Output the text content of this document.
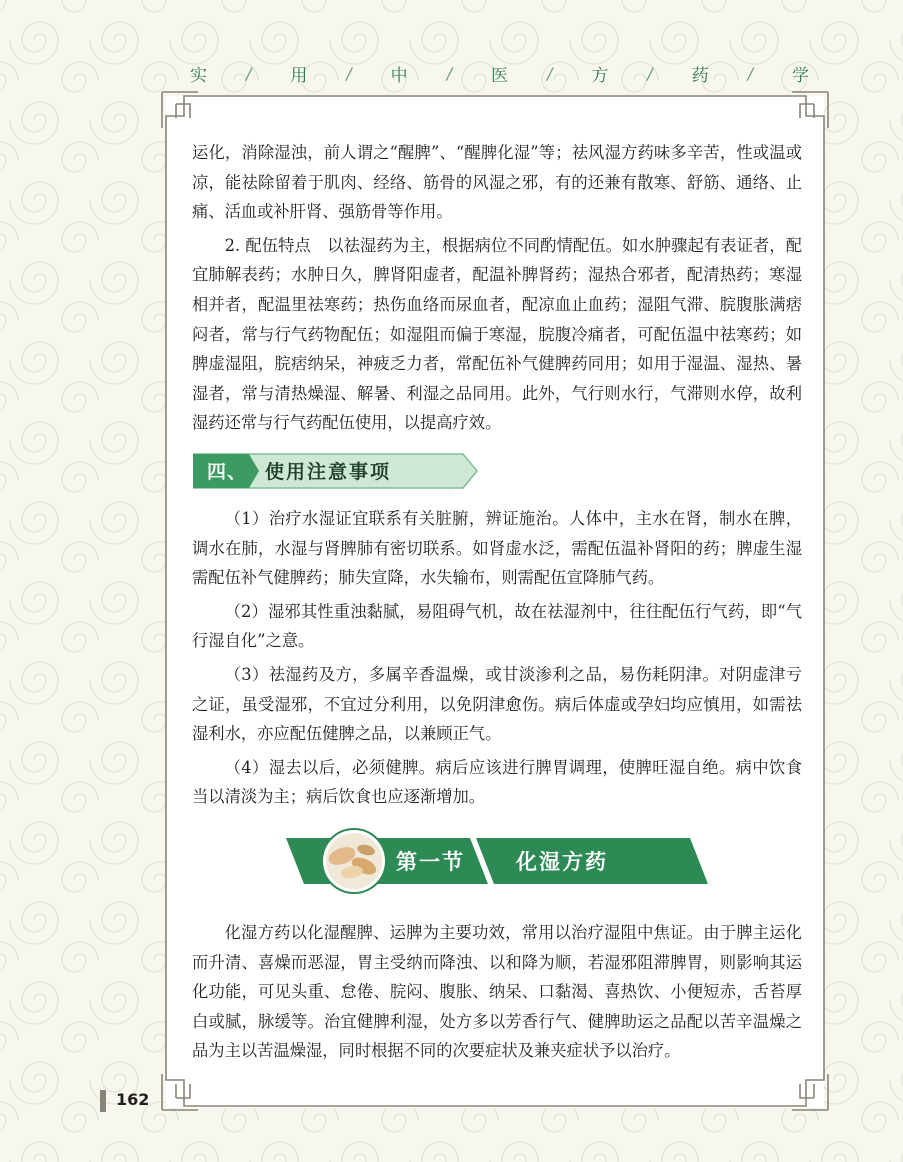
实 / 用 / 中 / 医 / 方 / 药 / 学

运化，消除湿浊，前人谓之“醒脾”、“醒脾化湿”等；祛风湿方药味多辛苦，性或温或凉，能祛除留着于肌肉、经络、筋骨的风湿之邪，有的还兼有散寒、舒筋、通络、止痛、活血或补肝肾、强筋骨等作用。

2. 配伍特点　以祛湿药为主，根据病位不同酌情配伍。如水肿骤起有表证者，配宜肺解表药；水肿日久，脾肾阳虚者，配温补脾肾药；湿热合邪者，配清热药；寒湿相并者，配温里祛寒药；热伤血络而尿血者，配凉血止血药；湿阻气滞、脘腹胀满痞闷者，常与行气药物配伍；如湿阻而偏于寒湿，脘腹冷痛者，可配伍温中祛寒药；如脾虚湿阻，脘痞纳呆，神疲乏力者，常配伍补气健脾药同用；如用于湿温、湿热、暑湿者，常与清热燥湿、解暑、利湿之品同用。此外，气行则水行，气滞则水停，故利湿药还常与行气药配伍使用，以提高疗效。

四、 使用注意事项

（1）治疗水湿证宜联系有关脏腑，辨证施治。人体中，主水在肾，制水在脾，调水在肺，水湿与肾脾肺有密切联系。如肾虚水泛，需配伍温补肾阳的药；脾虚生湿需配伍补气健脾药；肺失宣降，水失输布，则需配伍宣降肺气药。

（2）湿邪其性重浊黏腻，易阻碍气机，故在祛湿剂中，往往配伍行气药，即“气行湿自化”之意。

（3）祛湿药及方，多属辛香温燥，或甘淡渗利之品，易伤耗阴津。对阴虚津亏之证，虽受湿邪，不宜过分利用，以免阴津愈伤。病后体虚或孕妇均应慎用，如需祛湿利水，亦应配伍健脾之品，以兼顾正气。

（4）湿去以后，必须健脾。病后应该进行脾胃调理，使脾旺湿自绝。病中饮食当以清淡为主；病后饮食也应逐渐增加。

第一节 化湿方药

化湿方药以化湿醒脾、运脾为主要功效，常用以治疗湿阻中焦证。由于脾主运化而升清、喜燥而恶湿，胃主受纳而降浊、以和降为顺，若湿邪阻滞脾胃，则影响其运化功能，可见头重、怠倦、脘闷、腹胀、纳呆、口黏渴、喜热饮、小便短赤，舌苔厚白或腻，脉缓等。治宜健脾利湿，处方多以芳香行气、健脾助运之品配以苦辛温燥之品为主以苦温燥湿，同时根据不同的次要症状及兼夹症状予以治疗。

162
